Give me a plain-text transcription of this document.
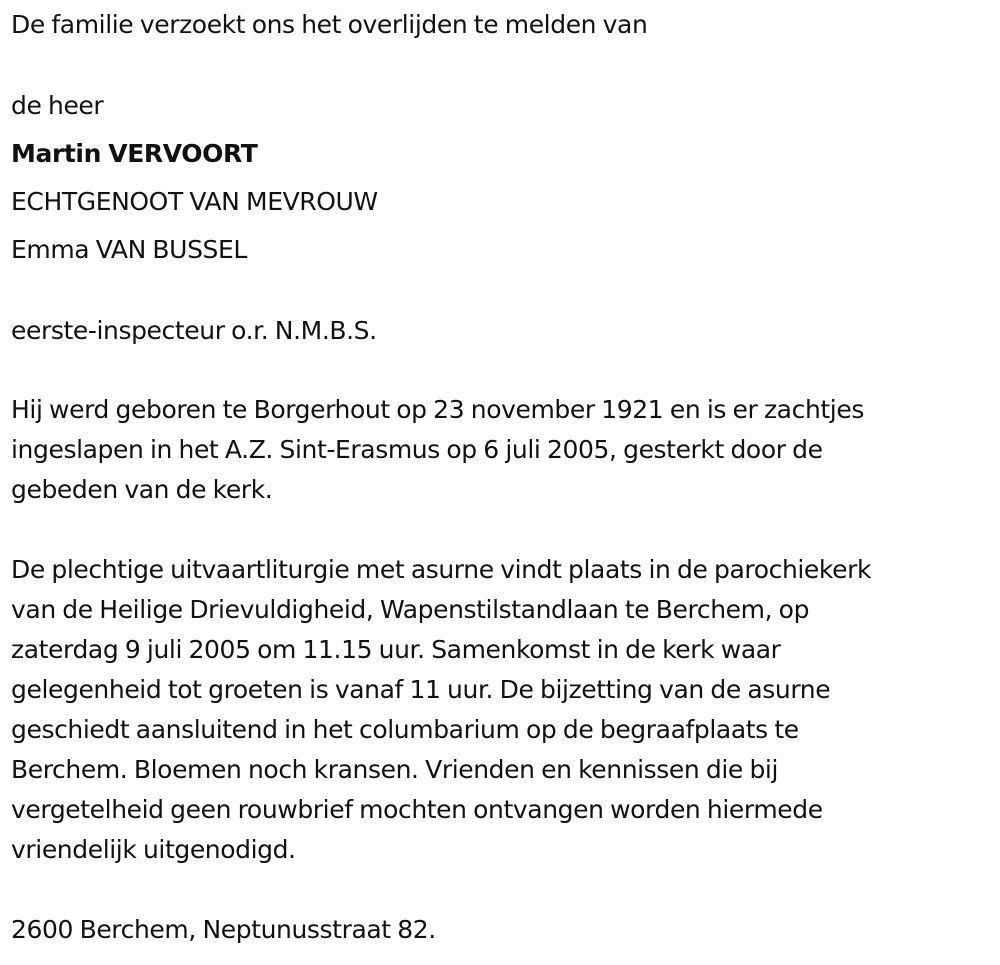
De familie verzoekt ons het overlijden te melden van
de heer
Martin VERVOORT
ECHTGENOOT VAN MEVROUW
Emma VAN BUSSEL
eerste-inspecteur o.r. N.M.B.S.
Hij werd geboren te Borgerhout op 23 november 1921 en is er zachtjes
ingeslapen in het A.Z. Sint-Erasmus op 6 juli 2005, gesterkt door de
gebeden van de kerk.
De plechtige uitvaartliturgie met asurne vindt plaats in de parochiekerk
van de Heilige Drievuldigheid, Wapenstilstandlaan te Berchem, op
zaterdag 9 juli 2005 om 11.15 uur. Samenkomst in de kerk waar
gelegenheid tot groeten is vanaf 11 uur. De bijzetting van de asurne
geschiedt aansluitend in het columbarium op de begraafplaats te
Berchem. Bloemen noch kransen. Vrienden en kennissen die bij
vergetelheid geen rouwbrief mochten ontvangen worden hiermede
vriendelijk uitgenodigd.
2600 Berchem, Neptunusstraat 82.
